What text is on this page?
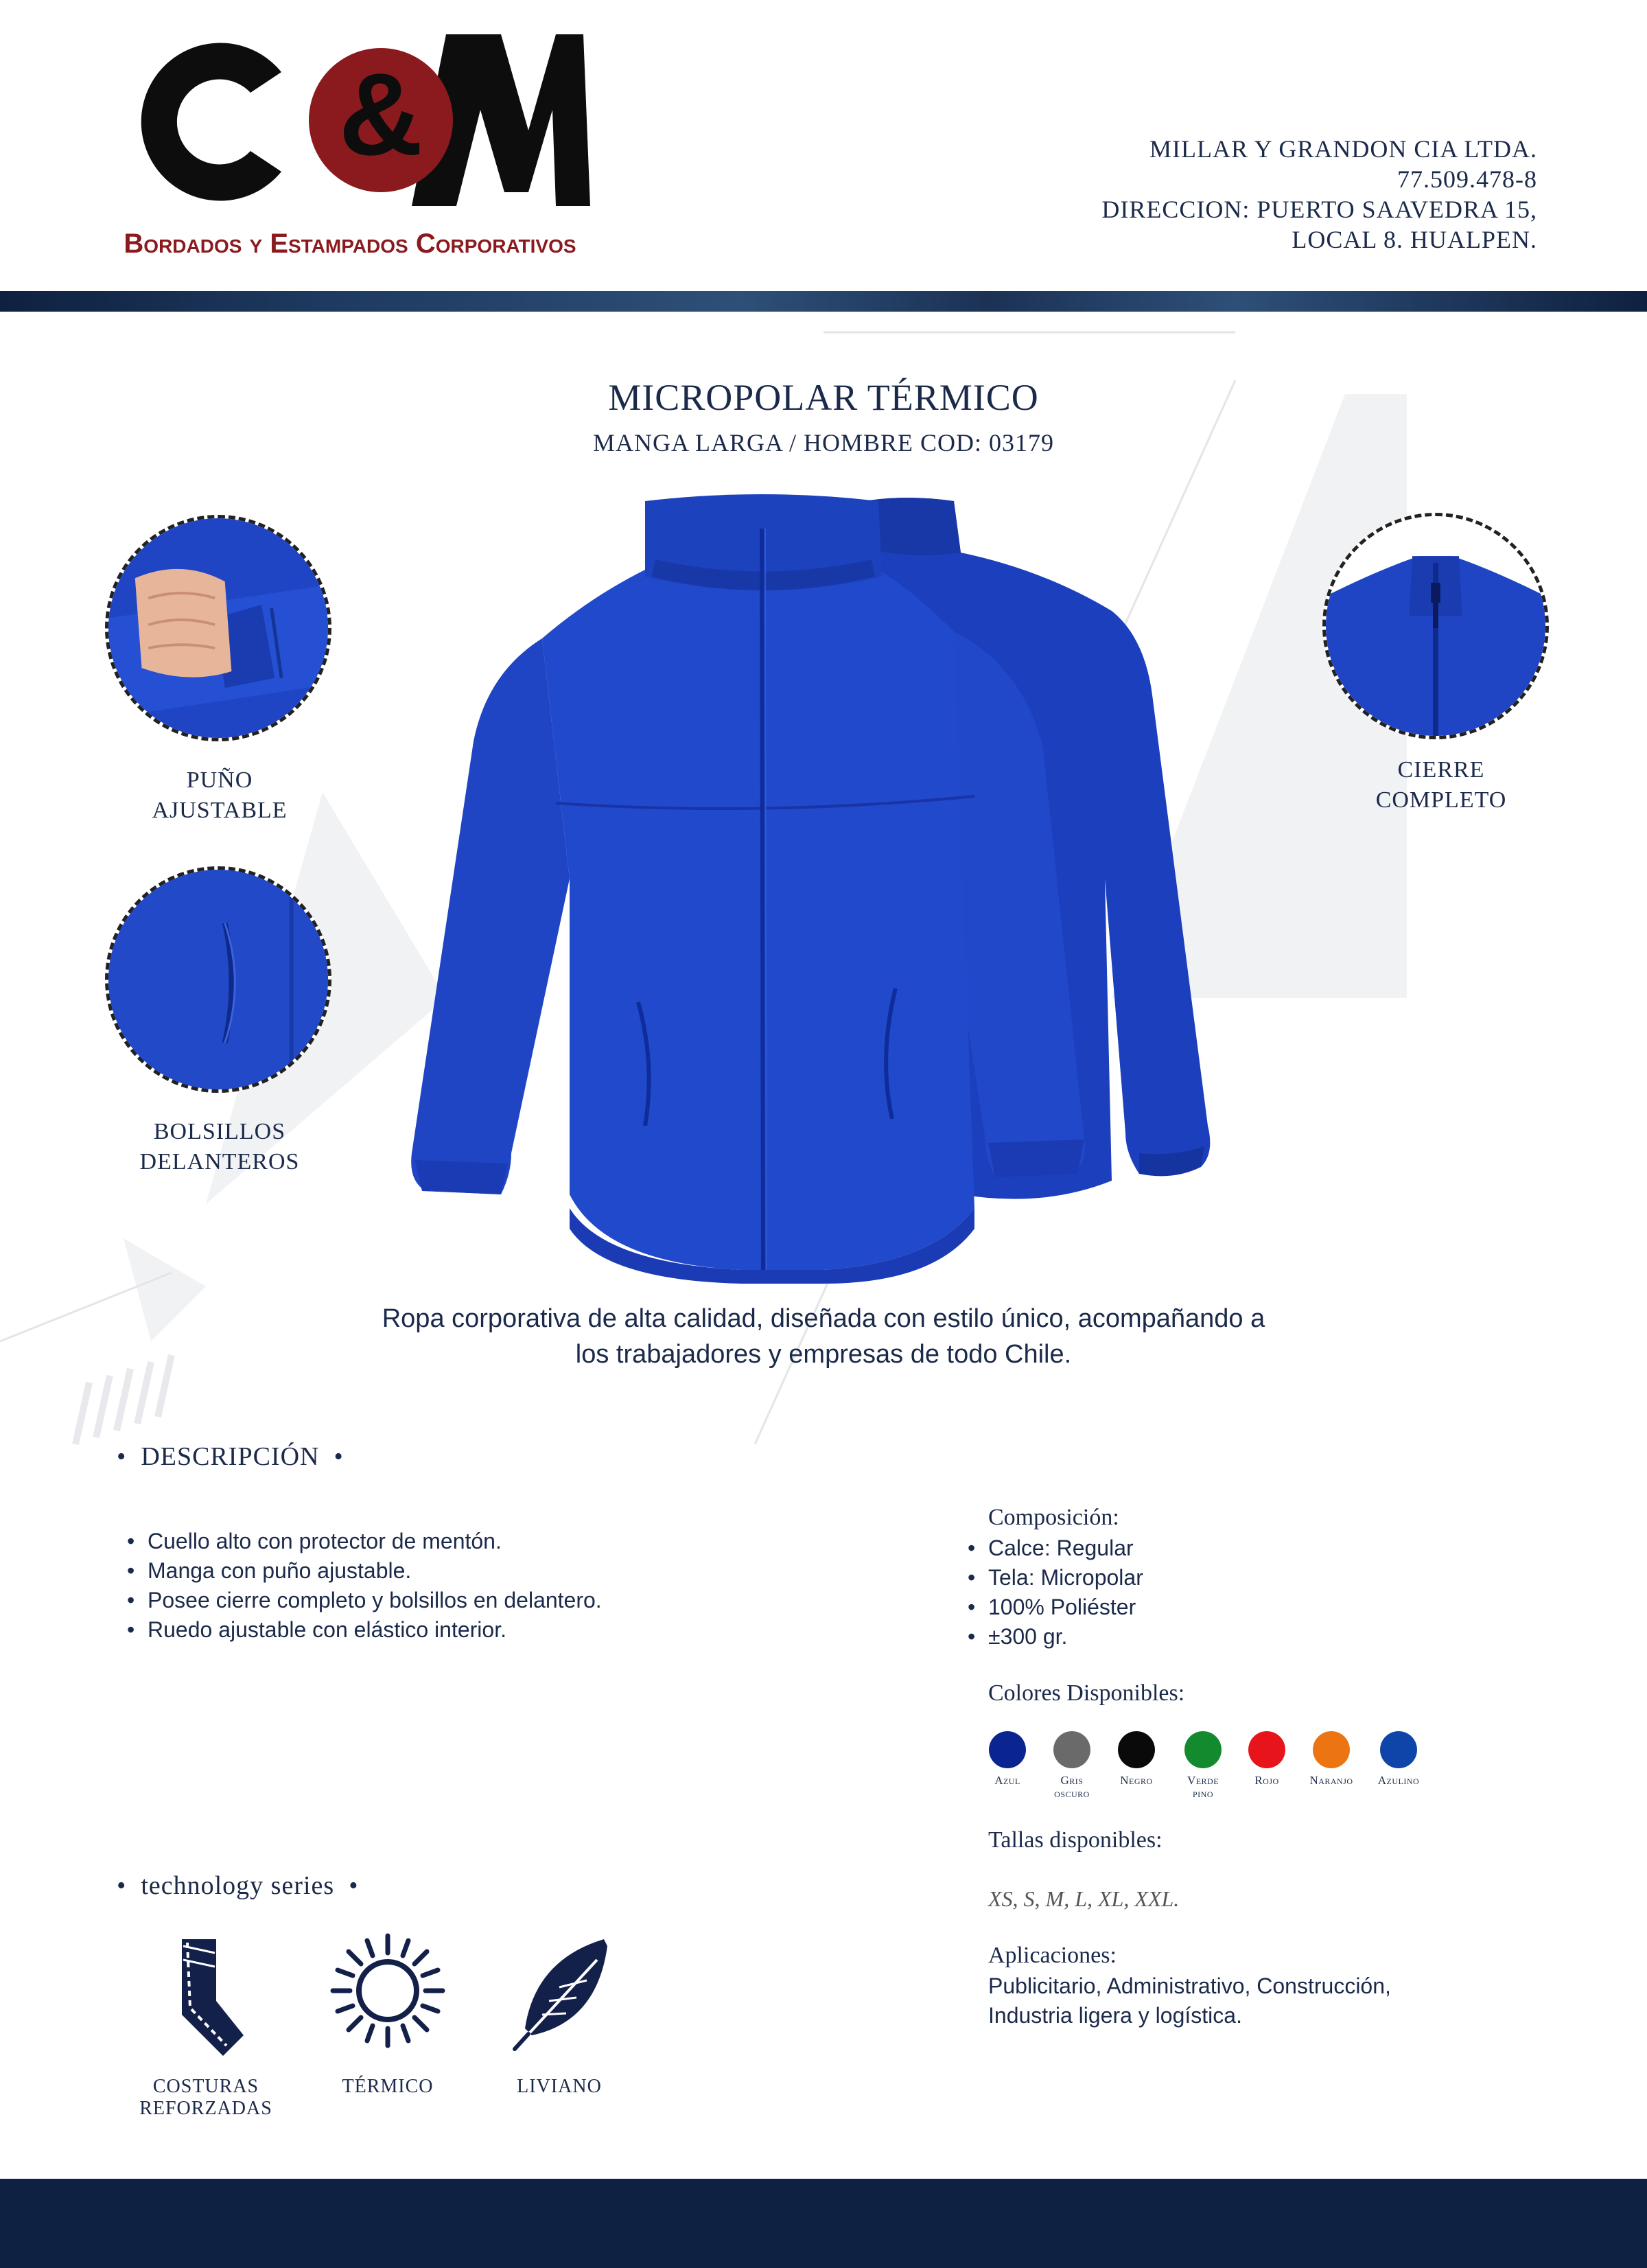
&
Bordados y Estampados Corporativos
MILLAR Y GRANDON CIA LTDA.
77.509.478-8
DIRECCION: PUERTO SAAVEDRA 15,
LOCAL 8. HUALPEN.
MICROPOLAR TÉRMICO
MANGA LARGA / HOMBRE COD: 03179
PUÑO
AJUSTABLE
BOLSILLOS
DELANTEROS
CIERRE
COMPLETO
Ropa corporativa de alta calidad, diseñada con estilo único, acompañando a
los trabajadores y empresas de todo Chile.
•  DESCRIPCIÓN  •
• Cuello alto con protector de mentón.
• Manga con puño ajustable.
• Posee cierre completo y bolsillos en delantero.
• Ruedo ajustable con elástico interior.
Composición:
• Calce: Regular
• Tela: Micropolar
• 100% Poliéster
• ±300 gr.
Colores Disponibles:
Azul	Gris
oscuro
Negro	Verde
pino
Rojo	Naranjo	Azulino
Tallas disponibles:
XS, S, M, L, XL, XXL.
Aplicaciones:
Publicitario, Administrativo, Construcción,
Industria ligera y logística.
•  technology series  •
COSTURAS
REFORZADAS
TÉRMICO	LIVIANO
